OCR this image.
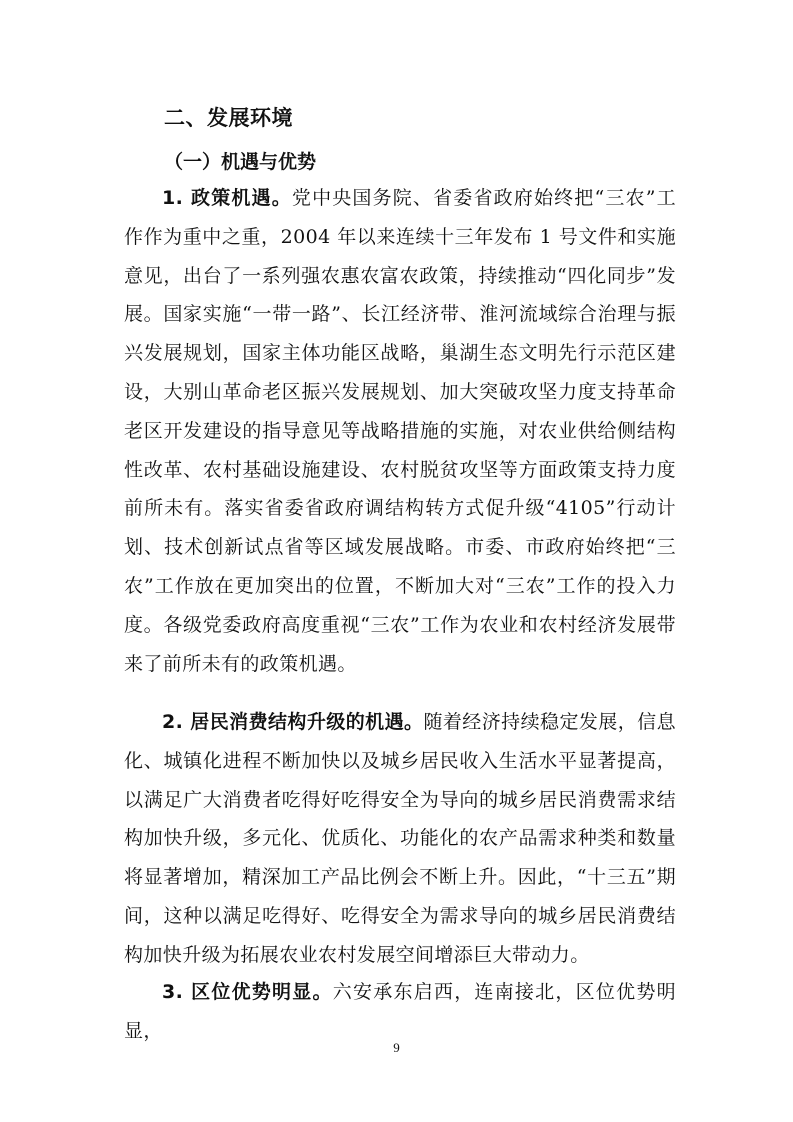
二、发展环境
（一）机遇与优势

1. 政策机遇。党中央国务院、省委省政府始终把“三农”工作作为重中之重，2004 年以来连续十三年发布 1 号文件和实施意见，出台了一系列强农惠农富农政策，持续推动“四化同步”发展。国家实施“一带一路”、长江经济带、淮河流域综合治理与振兴发展规划，国家主体功能区战略，巢湖生态文明先行示范区建设，大别山革命老区振兴发展规划、加大突破攻坚力度支持革命老区开发建设的指导意见等战略措施的实施，对农业供给侧结构性改革、农村基础设施建设、农村脱贫攻坚等方面政策支持力度前所未有。落实省委省政府调结构转方式促升级“4105”行动计划、技术创新试点省等区域发展战略。市委、市政府始终把“三农”工作放在更加突出的位置，不断加大对“三农”工作的投入力度。各级党委政府高度重视“三农”工作为农业和农村经济发展带来了前所未有的政策机遇。

2. 居民消费结构升级的机遇。随着经济持续稳定发展，信息化、城镇化进程不断加快以及城乡居民收入生活水平显著提高，以满足广大消费者吃得好吃得安全为导向的城乡居民消费需求结构加快升级，多元化、优质化、功能化的农产品需求种类和数量将显著增加，精深加工产品比例会不断上升。因此，“十三五”期间，这种以满足吃得好、吃得安全为需求导向的城乡居民消费结构加快升级为拓展农业农村发展空间增添巨大带动力。

3. 区位优势明显。六安承东启西，连南接北，区位优势明显，

9
